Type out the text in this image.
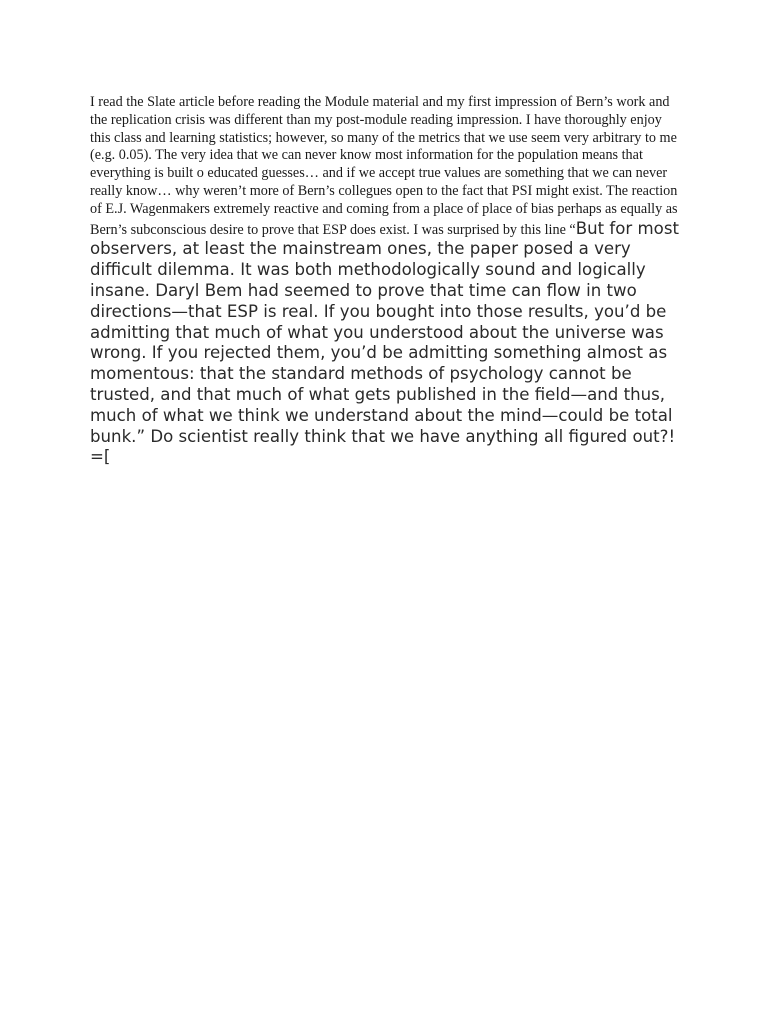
I read the Slate article before reading the Module material and my first impression of Bern’s work and the replication crisis was different than my post-module reading impression. I have thoroughly enjoy this class and learning statistics; however, so many of the metrics that we use seem very arbitrary to me (e.g. 0.05). The very idea that we can never know most information for the population means that everything is built o educated guesses… and if we accept true values are something that we can never really know… why weren’t more of Bern’s collegues open to the fact that PSI might exist. The reaction of E.J. Wagenmakers extremely reactive and coming from a place of place of bias perhaps as equally as Bern’s subconscious desire to prove that ESP does exist. I was surprised by this line “But for most observers, at least the mainstream ones, the paper posed a very difficult dilemma. It was both methodologically sound and logically insane. Daryl Bem had seemed to prove that time can flow in two directions—that ESP is real. If you bought into those results, you’d be admitting that much of what you understood about the universe was wrong. If you rejected them, you’d be admitting something almost as momentous: that the standard methods of psychology cannot be trusted, and that much of what gets published in the field—and thus, much of what we think we understand about the mind—could be total bunk.” Do scientist really think that we have anything all figured out?! =[
